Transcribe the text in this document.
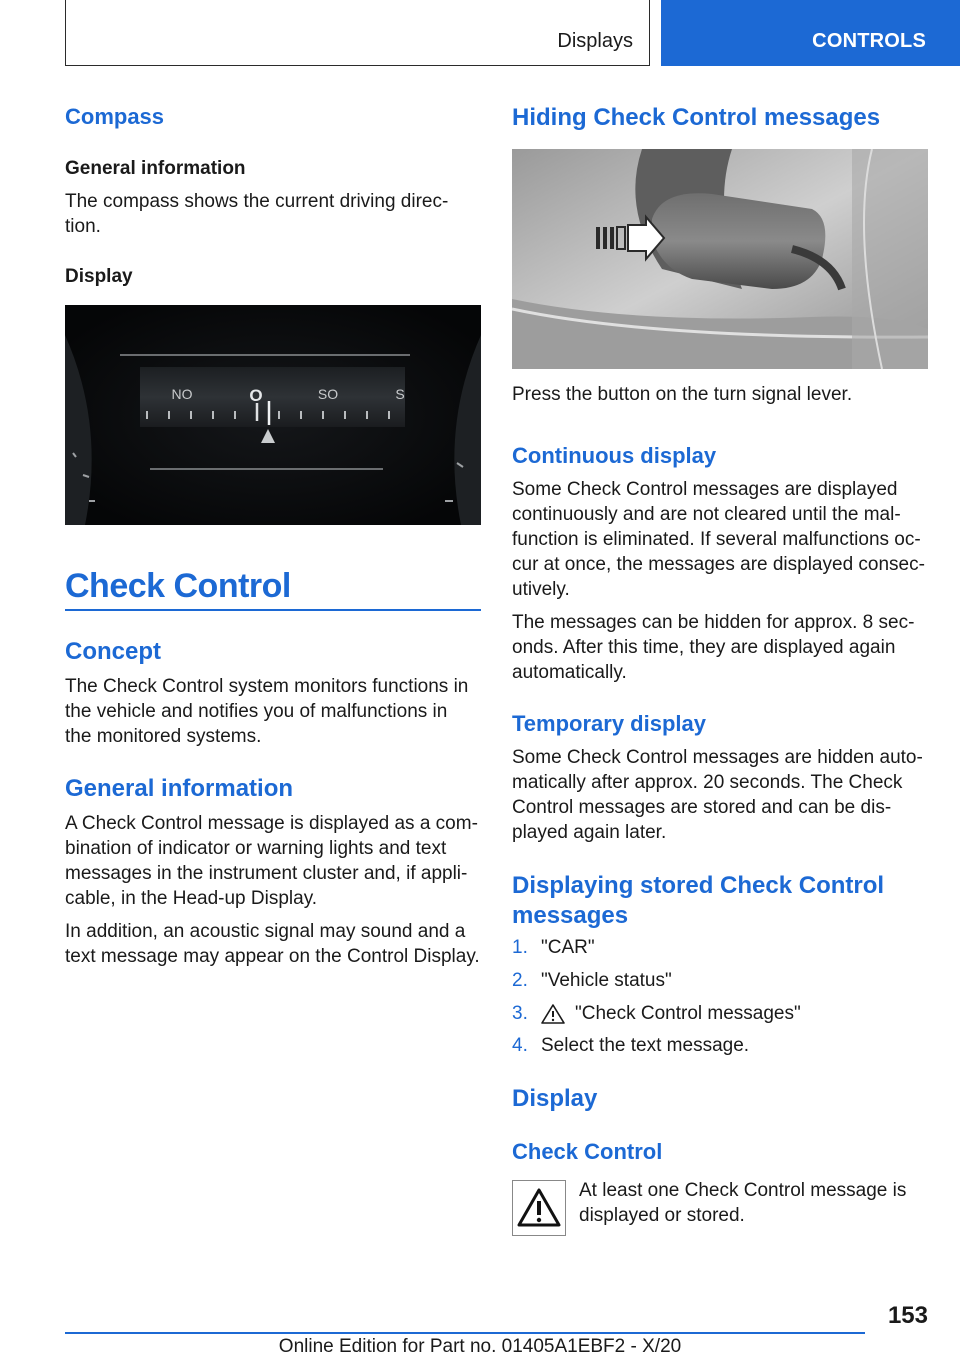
Displays	CONTROLS
Compass
General information
The compass shows the current driving direc-
tion.
Display
NO	O	SO	S
Check Control
Concept
The Check Control system monitors functions in
the vehicle and notifies you of malfunctions in
the monitored systems.
General information
A Check Control message is displayed as a com-
bination of indicator or warning lights and text
messages in the instrument cluster and, if appli-
cable, in the Head-up Display.
In addition, an acoustic signal may sound and a
text message may appear on the Control Display.
Hiding Check Control messages
Press the button on the turn signal lever.
Continuous display
Some Check Control messages are displayed
continuously and are not cleared until the mal-
function is eliminated. If several malfunctions oc-
cur at once, the messages are displayed consec-
utively.
The messages can be hidden for approx. 8 sec-
onds. After this time, they are displayed again
automatically.
Temporary display
Some Check Control messages are hidden auto-
matically after approx. 20 seconds. The Check
Control messages are stored and can be dis-
played again later.
Displaying stored Check Control
messages
1. "CAR"
2. "Vehicle status"
3.	"Check Control messages"
4. Select the text message.
Display
Check Control
At least one Check Control message is
displayed or stored.
153
Online Edition for Part no. 01405A1EBF2 - X/20
